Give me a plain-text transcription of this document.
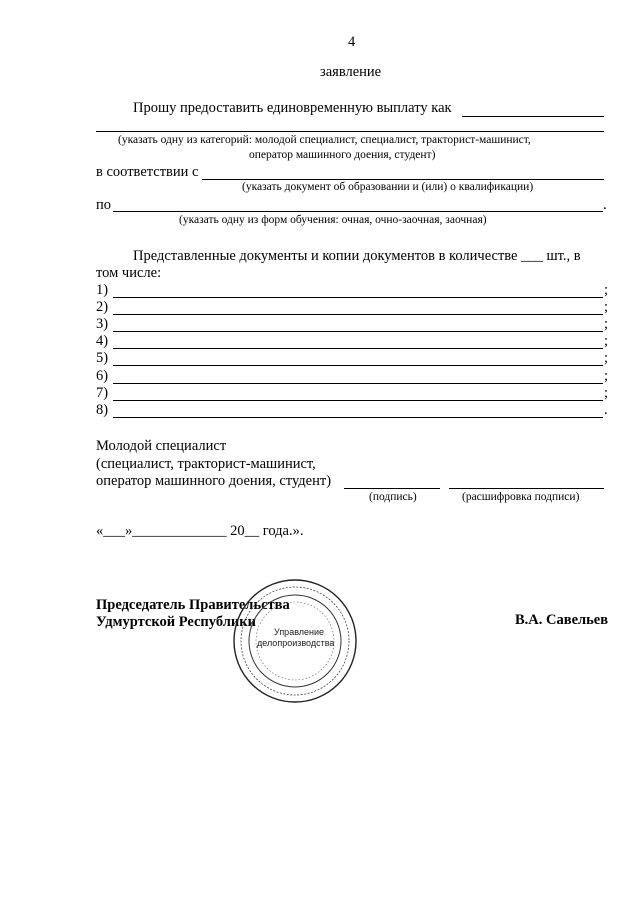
4
заявление
Прошу предоставить единовременную выплату как
(указать одну из категорий: молодой специалист, специалист, тракторист-машинист,
оператор машинного доения, студент)
в соответствии с
(указать документ об образовании и (или) о квалификации)
по	.
(указать одну из форм обучения: очная, очно-заочная, заочная)
Представленные документы и копии документов в количестве ___ шт., в
том числе:
1)	;
2)	;
3)	;
4)	;
5)	;
6)	;
7)	;
8)	.
Молодой специалист
(специалист, тракторист-машинист,
оператор машинного доения, студент)
(подпись)	(расшифровка подписи)
«___»_____________ 20__ года.».
Председатель Правительства
Удмуртской Республики	В.А. Савельев
Управление
делопроизводства
